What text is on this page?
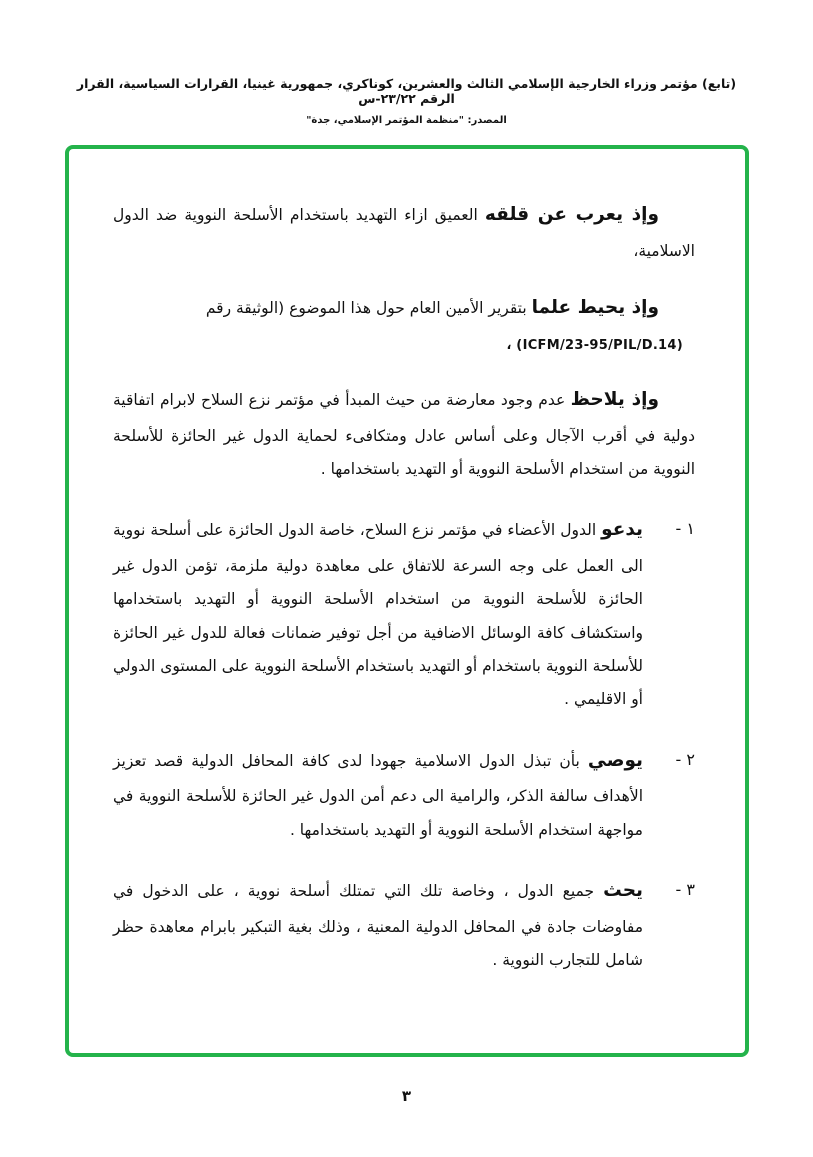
(تابع) مؤتمر وزراء الخارجية الإسلامي الثالث والعشرين، كوناكري، جمهورية غينيا، القرارات السياسية، القرار الرقم ٢٣/٢٢-س
المصدر: "منظمة المؤتمر الإسلامي، جدة"

وإذ يعرب عن قلقه العميق ازاء التهديد باستخدام الأسلحة النووية ضد الدول الاسلامية،

وإذ يحيط علما بتقرير الأمين العام حول هذا الموضوع (الوثيقة رقم

(ICFM/23-95/PIL/D.14) ،

وإذ يلاحظ عدم وجود معارضة من حيث المبدأ في مؤتمر نزع السلاح لابرام اتفاقية دولية في أقرب الآجال وعلى أساس عادل ومتكافىء لحماية الدول غير الحائزة للأسلحة النووية من استخدام الأسلحة النووية أو التهديد باستخدامها .

١ -
يدعو الدول الأعضاء في مؤتمر نزع السلاح، خاصة الدول الحائزة على أسلحة نووية الى العمل على وجه السرعة للاتفاق على معاهدة دولية ملزمة، تؤمن الدول غير الحائزة للأسلحة النووية من استخدام الأسلحة النووية أو التهديد باستخدامها واستكشاف كافة الوسائل الاضافية من أجل توفير ضمانات فعالة للدول غير الحائزة للأسلحة النووية باستخدام أو التهديد باستخدام الأسلحة النووية على المستوى الدولي أو الاقليمي .
٢ -
يوصي بأن تبذل الدول الاسلامية جهودا لدى كافة المحافل الدولية قصد تعزيز الأهداف سالفة الذكر، والرامية الى دعم أمن الدول غير الحائزة للأسلحة النووية في مواجهة استخدام الأسلحة النووية أو التهديد باستخدامها .
٣ -
يحث جميع الدول ، وخاصة تلك التي تمتلك أسلحة نووية ، على الدخول في مفاوضات جادة في المحافل الدولية المعنية ، وذلك بغية التبكير بابرام معاهدة حظر شامل للتجارب النووية .
٣
